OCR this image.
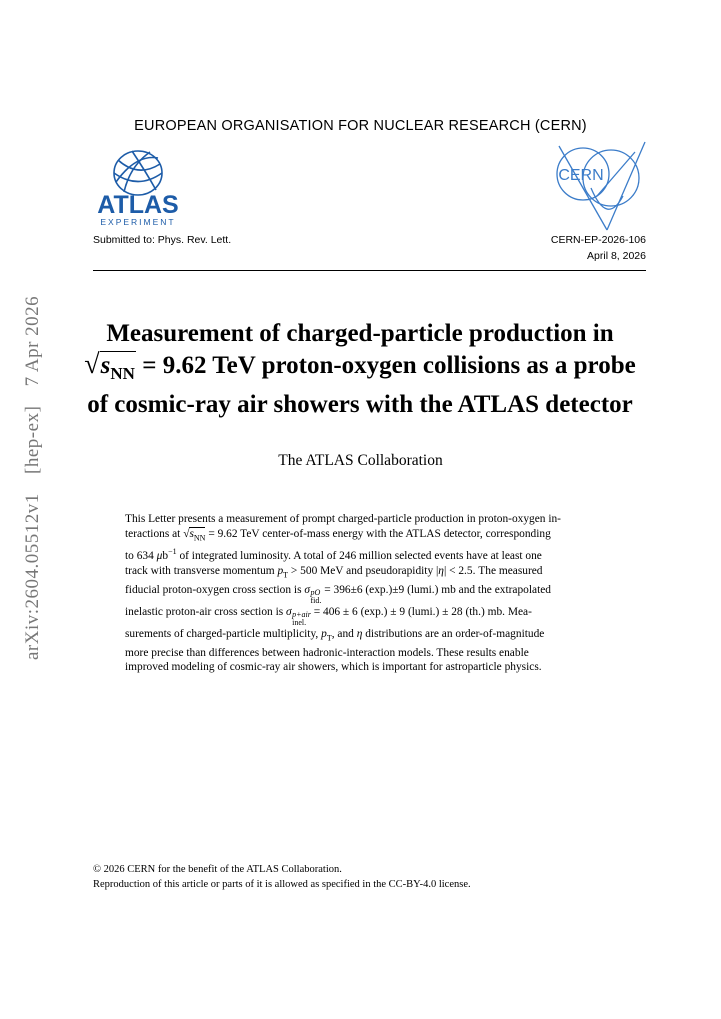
EUROPEAN ORGANISATION FOR NUCLEAR RESEARCH (CERN)
ATLAS
EXPERIMENT
CERN
Submitted to: Phys. Rev. Lett.	CERN-EP-2026-106
April 8, 2026
arXiv:2604.05512v1 [hep-ex] 7 Apr 2026	Measurement of charged-particle production in
$√s_{NN} = 9.62$ TeV proton-oxygen collisions as a probe
of cosmic-ray air showers with the ATLAS detector
The ATLAS Collaboration
This Letter presents a measurement of prompt charged-particle production in proton-oxygen in-
teractions at $√s_{NN} = 9.62$ TeV center-of-mass energy with the ATLAS detector, corresponding
to 634 $\mu b^{-1}$ of integrated luminosity. A total of 246 million selected events have at least one
track with transverse momentum $p_T > 500$ MeV and pseudorapidity |η| < 2.5. The measured
fiducial proton-oxygen cross section is σ pO
fid.
= 396±6 (exp.)±9 (lumi.) mb and the extrapolated
inelastic proton-air cross section is σ p+air
inel.
= 406 ± 6 (exp.) ± 9 (lumi.) ± 28 (th.) mb. Mea-
surements of charged-particle multiplicity, $p_T$, and η distributions are an order-of-magnitude
more precise than differences between hadronic-interaction models. These results enable
improved modeling of cosmic-ray air showers, which is important for astroparticle physics.
© 2026 CERN for the benefit of the ATLAS Collaboration.
Reproduction of this article or parts of it is allowed as specified in the CC-BY-4.0 license.
